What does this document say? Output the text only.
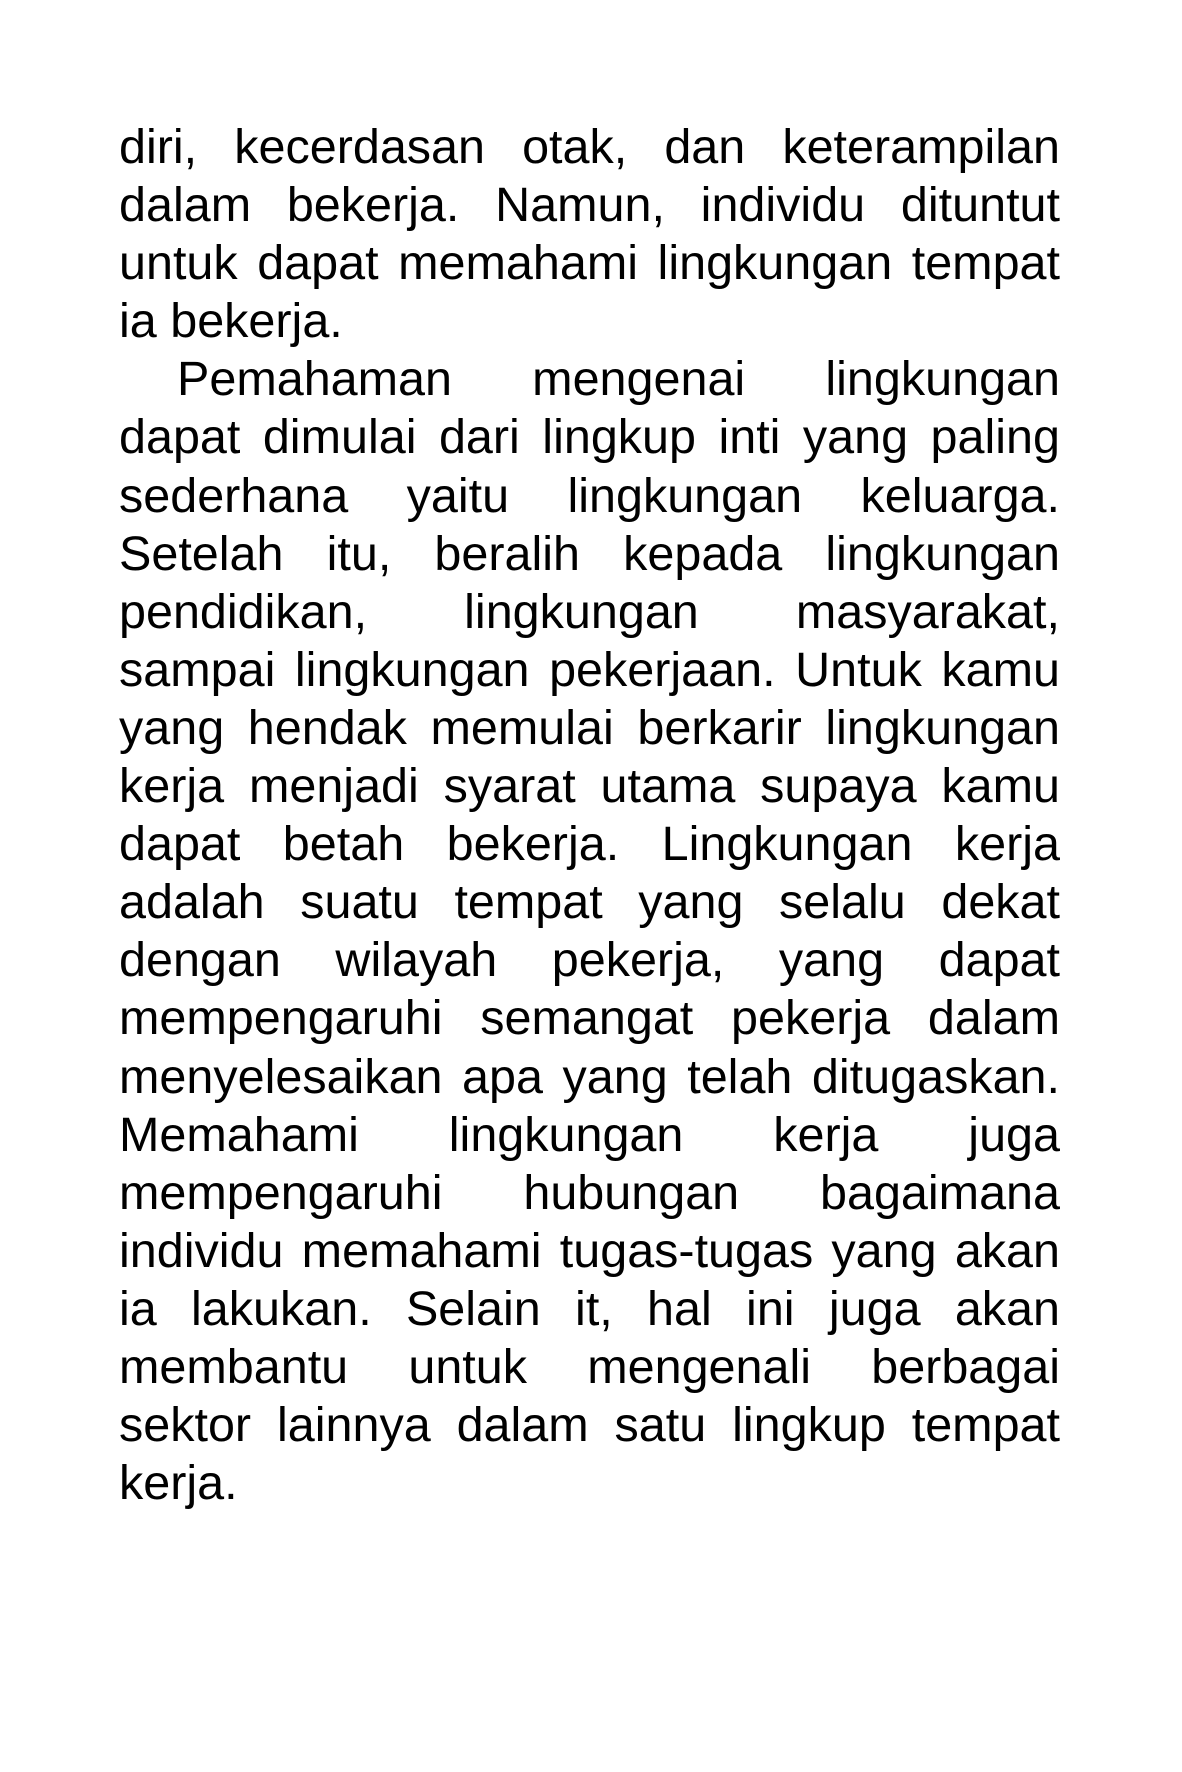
diri, kecerdasan otak, dan keterampilan
dalam bekerja. Namun, individu dituntut
untuk dapat memahami lingkungan tempat
ia bekerja.
Pemahaman mengenai lingkungan
dapat dimulai dari lingkup inti yang paling
sederhana yaitu lingkungan keluarga.
Setelah itu, beralih kepada lingkungan
pendidikan, lingkungan masyarakat,
sampai lingkungan pekerjaan. Untuk kamu
yang hendak memulai berkarir lingkungan
kerja menjadi syarat utama supaya kamu
dapat betah bekerja. Lingkungan kerja
adalah suatu tempat yang selalu dekat
dengan wilayah pekerja, yang dapat
mempengaruhi semangat pekerja dalam
menyelesaikan apa yang telah ditugaskan.
Memahami lingkungan kerja juga
mempengaruhi hubungan bagaimana
individu memahami tugas-tugas yang akan
ia lakukan. Selain it, hal ini juga akan
membantu untuk mengenali berbagai
sektor lainnya dalam satu lingkup tempat
kerja.
